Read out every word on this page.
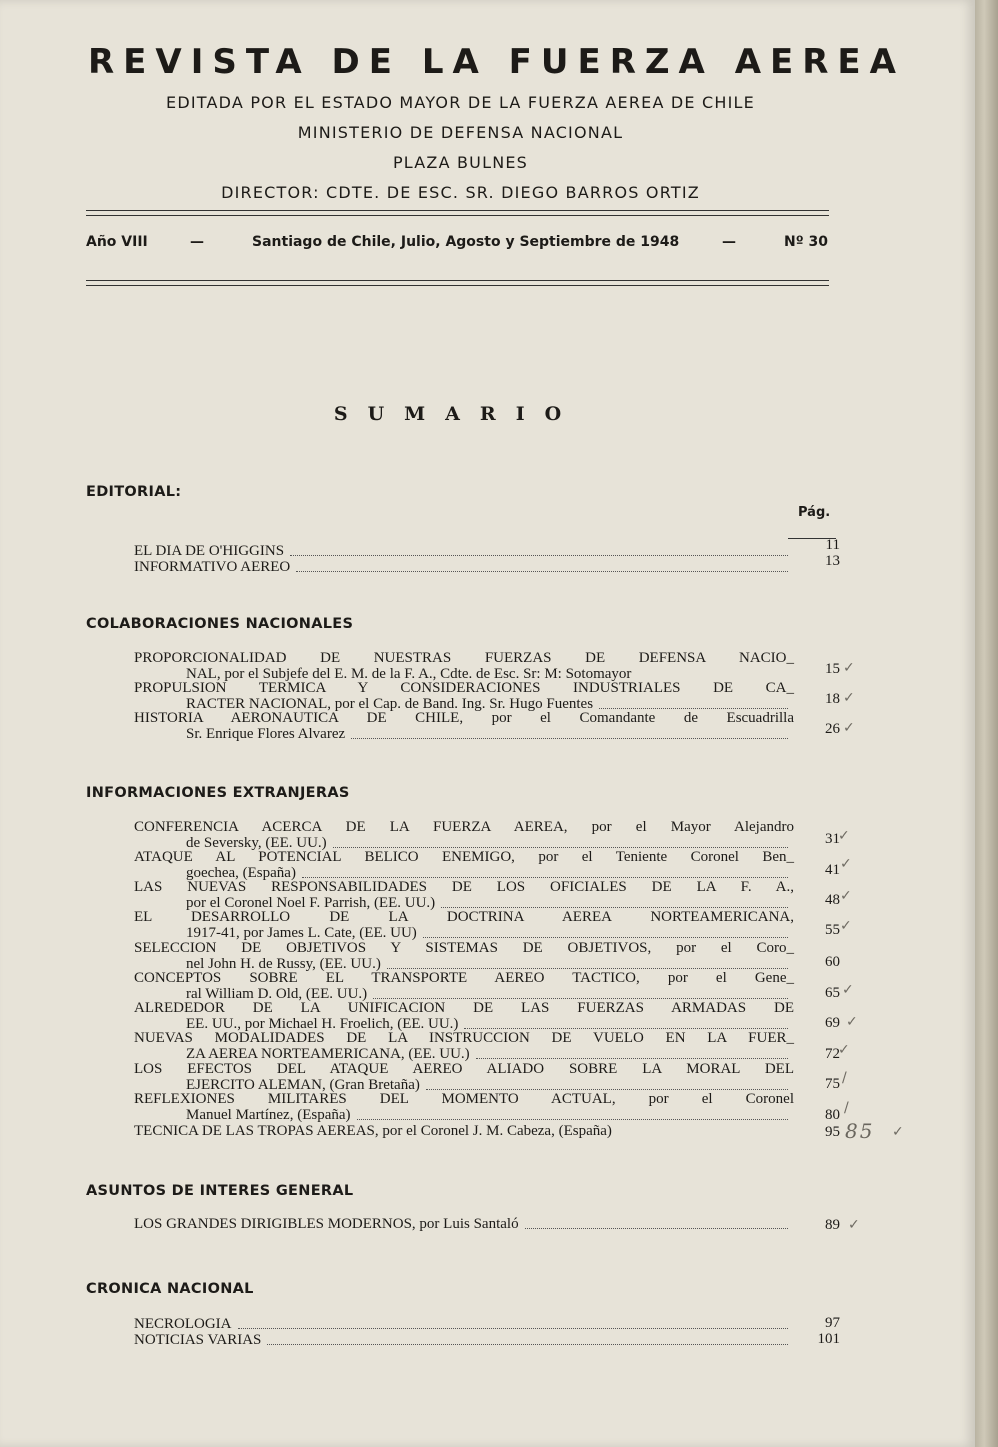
REVISTA DE LA FUERZA AEREA
EDITADA POR EL ESTADO MAYOR DE LA FUERZA AEREA DE CHILE
MINISTERIO DE DEFENSA NACIONAL
PLAZA BULNES
DIRECTOR: CDTE. DE ESC. SR. DIEGO BARROS ORTIZ
Año VIII	—	Santiago de Chile, Julio, Agosto y Septiembre de 1948	—	Nº 30
SUMARIO
EDITORIAL:
Pág.
EL DIA DE O'HIGGINS	11
INFORMATIVO AEREO	13
COLABORACIONES NACIONALES
PROPORCIONALIDAD DE NUESTRAS FUERZAS DE DEFENSA NACIO_
NAL, por el Subjefe del E. M. de la F. A., Cdte. de Esc. Sr: M: Sotomayor	15 ✓
PROPULSION TERMICA Y CONSIDERACIONES INDUSTRIALES DE CA_
RACTER NACIONAL, por el Cap. de Band. Ing. Sr. Hugo Fuentes	18 ✓
HISTORIA AERONAUTICA DE CHILE, por el Comandante de Escuadrilla
Sr. Enrique Flores Alvarez	26 ✓
INFORMACIONES EXTRANJERAS
CONFERENCIA ACERCA DE LA FUERZA AEREA, por el Mayor Alejandro
de Seversky, (EE. UU.)	31
✓
ATAQUE AL POTENCIAL BELICO ENEMIGO, por el Teniente Coronel Ben_
goechea, (España)	41 ✓
LAS NUEVAS RESPONSABILIDADES DE LOS OFICIALES DE LA F. A.,
por el Coronel Noel F. Parrish, (EE. UU.)	48 ✓
EL DESARROLLO DE LA DOCTRINA AEREA NORTEAMERICANA,
1917-41, por James L. Cate, (EE. UU)	55 ✓
SELECCION DE OBJETIVOS Y SISTEMAS DE OBJETIVOS, por el Coro_
nel John H. de Russy, (EE. UU.)	60
CONCEPTOS SOBRE EL TRANSPORTE AEREO TACTICO, por el Gene_
ral William D. Old, (EE. UU.)	65 ✓
ALREDEDOR DE LA UNIFICACION DE LAS FUERZAS ARMADAS DE
EE. UU., por Michael H. Froelich, (EE. UU.)	69 ✓
NUEVAS MODALIDADES DE LA INSTRUCCION DE VUELO EN LA FUER_
ZA AEREA NORTEAMERICANA, (EE. UU.)	72
✓
LOS EFECTOS DEL ATAQUE AEREO ALIADO SOBRE LA MORAL DEL
EJERCITO ALEMAN, (Gran Bretaña)	75 /
REFLEXIONES MILITARES DEL MOMENTO ACTUAL, por el Coronel
Manuel Martínez, (España)	80 /
TECNICA DE LAS TROPAS AEREAS, por el Coronel J. M. Cabeza, (España)	95 85 ✓
ASUNTOS DE INTERES GENERAL
LOS GRANDES DIRIGIBLES MODERNOS, por Luis Santaló	89 ✓
CRONICA NACIONAL
NECROLOGIA	97
NOTICIAS VARIAS	101
